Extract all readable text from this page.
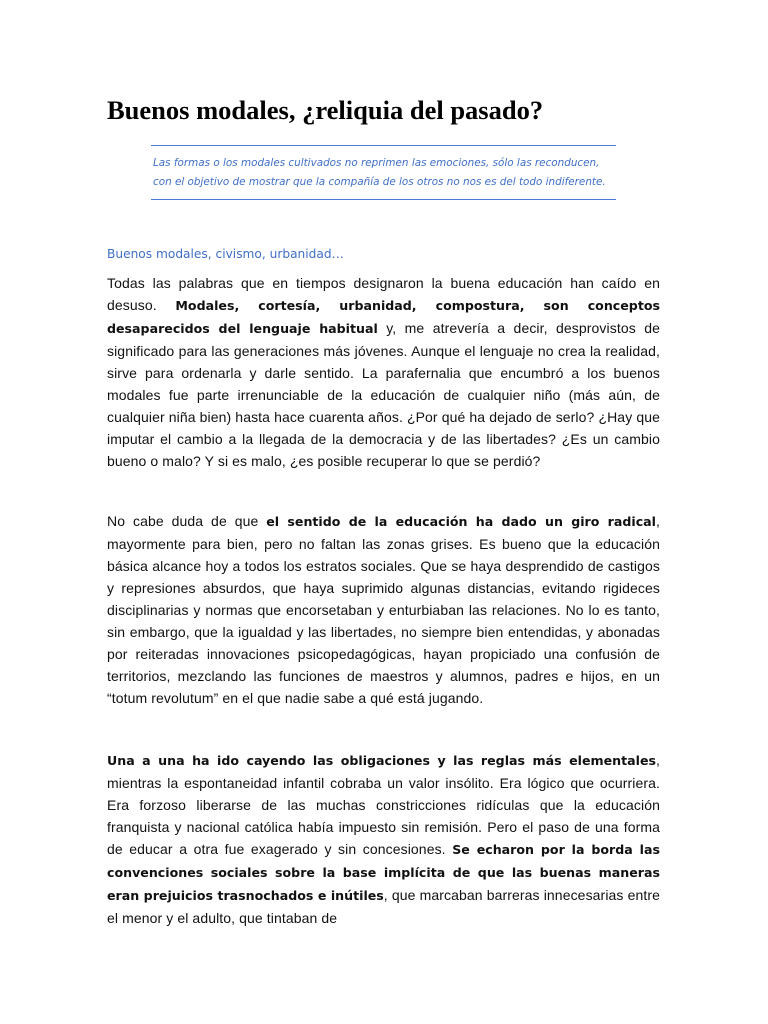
Buenos modales, ¿reliquia del pasado?

Las formas o los modales cultivados no reprimen las emociones, sólo las reconducen, con el objetivo de mostrar que la compañía de los otros no nos es del todo indiferente.

Buenos modales, civismo, urbanidad…

Todas las palabras que en tiempos designaron la buena educación han caído en desuso. Modales, cortesía, urbanidad, compostura, son conceptos desaparecidos del lenguaje habitual y, me atrevería a decir, desprovistos de significado para las generaciones más jóvenes. Aunque el lenguaje no crea la realidad, sirve para ordenarla y darle sentido. La parafernalia que encumbró a los buenos modales fue parte irrenunciable de la educación de cualquier niño (más aún, de cualquier niña bien) hasta hace cuarenta años. ¿Por qué ha dejado de serlo? ¿Hay que imputar el cambio a la llegada de la democracia y de las libertades? ¿Es un cambio bueno o malo? Y si es malo, ¿es posible recuperar lo que se perdió?

No cabe duda de que el sentido de la educación ha dado un giro radical, mayormente para bien, pero no faltan las zonas grises. Es bueno que la educación básica alcance hoy a todos los estratos sociales. Que se haya desprendido de castigos y represiones absurdos, que haya suprimido algunas distancias, evitando rigideces disciplinarias y normas que encorsetaban y enturbiaban las relaciones. No lo es tanto, sin embargo, que la igualdad y las libertades, no siempre bien entendidas, y abonadas por reiteradas innovaciones psicopedagógicas, hayan propiciado una confusión de territorios, mezclando las funciones de maestros y alumnos, padres e hijos, en un “totum revolutum” en el que nadie sabe a qué está jugando.

Una a una ha ido cayendo las obligaciones y las reglas más elementales, mientras la espontaneidad infantil cobraba un valor insólito. Era lógico que ocurriera. Era forzoso liberarse de las muchas constricciones ridículas que la educación franquista y nacional católica había impuesto sin remisión. Pero el paso de una forma de educar a otra fue exagerado y sin concesiones. Se echaron por la borda las convenciones sociales sobre la base implícita de que las buenas maneras eran prejuicios trasnochados e inútiles, que marcaban barreras innecesarias entre el menor y el adulto, que tintaban de
